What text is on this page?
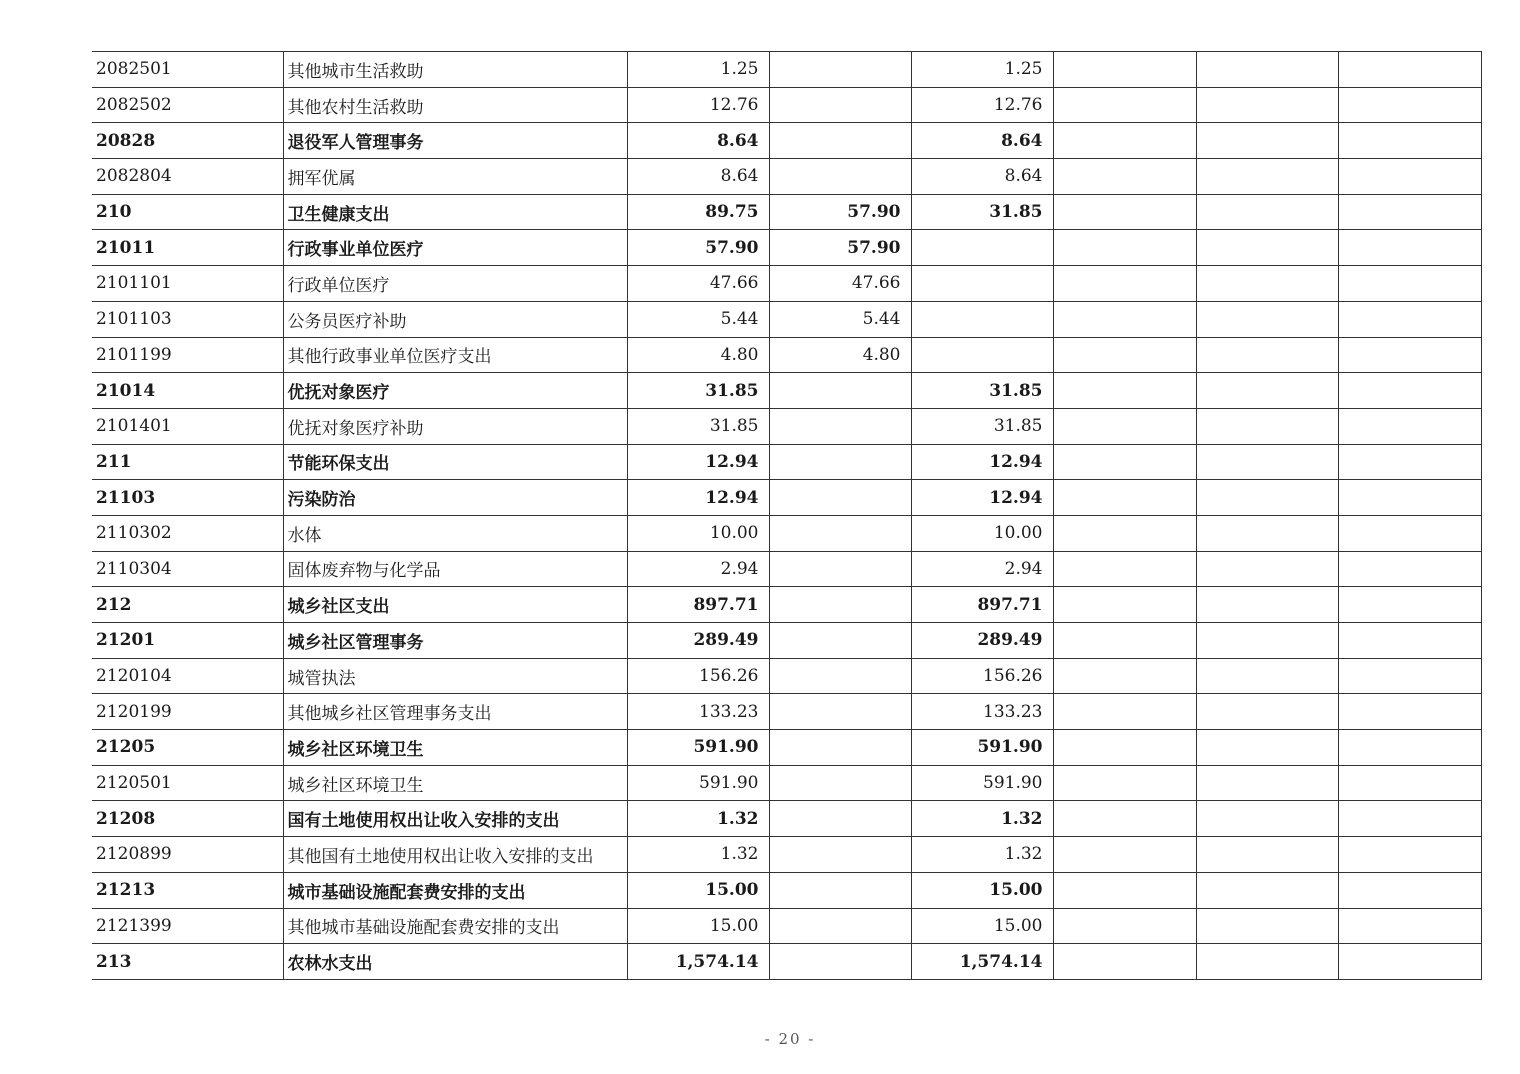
2082501	其他城市生活救助	1.25		1.25			
2082502	其他农村生活救助	12.76		12.76			
20828	退役军人管理事务	8.64		8.64			
2082804	拥军优属	8.64		8.64			
210	卫生健康支出	89.75	57.90	31.85			
21011	行政事业单位医疗	57.90	57.90				
2101101	行政单位医疗	47.66	47.66				
2101103	公务员医疗补助	5.44	5.44				
2101199	其他行政事业单位医疗支出	4.80	4.80				
21014	优抚对象医疗	31.85		31.85			
2101401	优抚对象医疗补助	31.85		31.85			
211	节能环保支出	12.94		12.94			
21103	污染防治	12.94		12.94			
2110302	水体	10.00		10.00			
2110304	固体废弃物与化学品	2.94		2.94			
212	城乡社区支出	897.71		897.71			
21201	城乡社区管理事务	289.49		289.49			
2120104	城管执法	156.26		156.26			
2120199	其他城乡社区管理事务支出	133.23		133.23			
21205	城乡社区环境卫生	591.90		591.90			
2120501	城乡社区环境卫生	591.90		591.90			
21208	国有土地使用权出让收入安排的支出	1.32		1.32			
2120899	其他国有土地使用权出让收入安排的支出	1.32		1.32			
21213	城市基础设施配套费安排的支出	15.00		15.00			
2121399	其他城市基础设施配套费安排的支出	15.00		15.00			
213	农林水支出	1,574.14		1,574.14			
- 20 -
